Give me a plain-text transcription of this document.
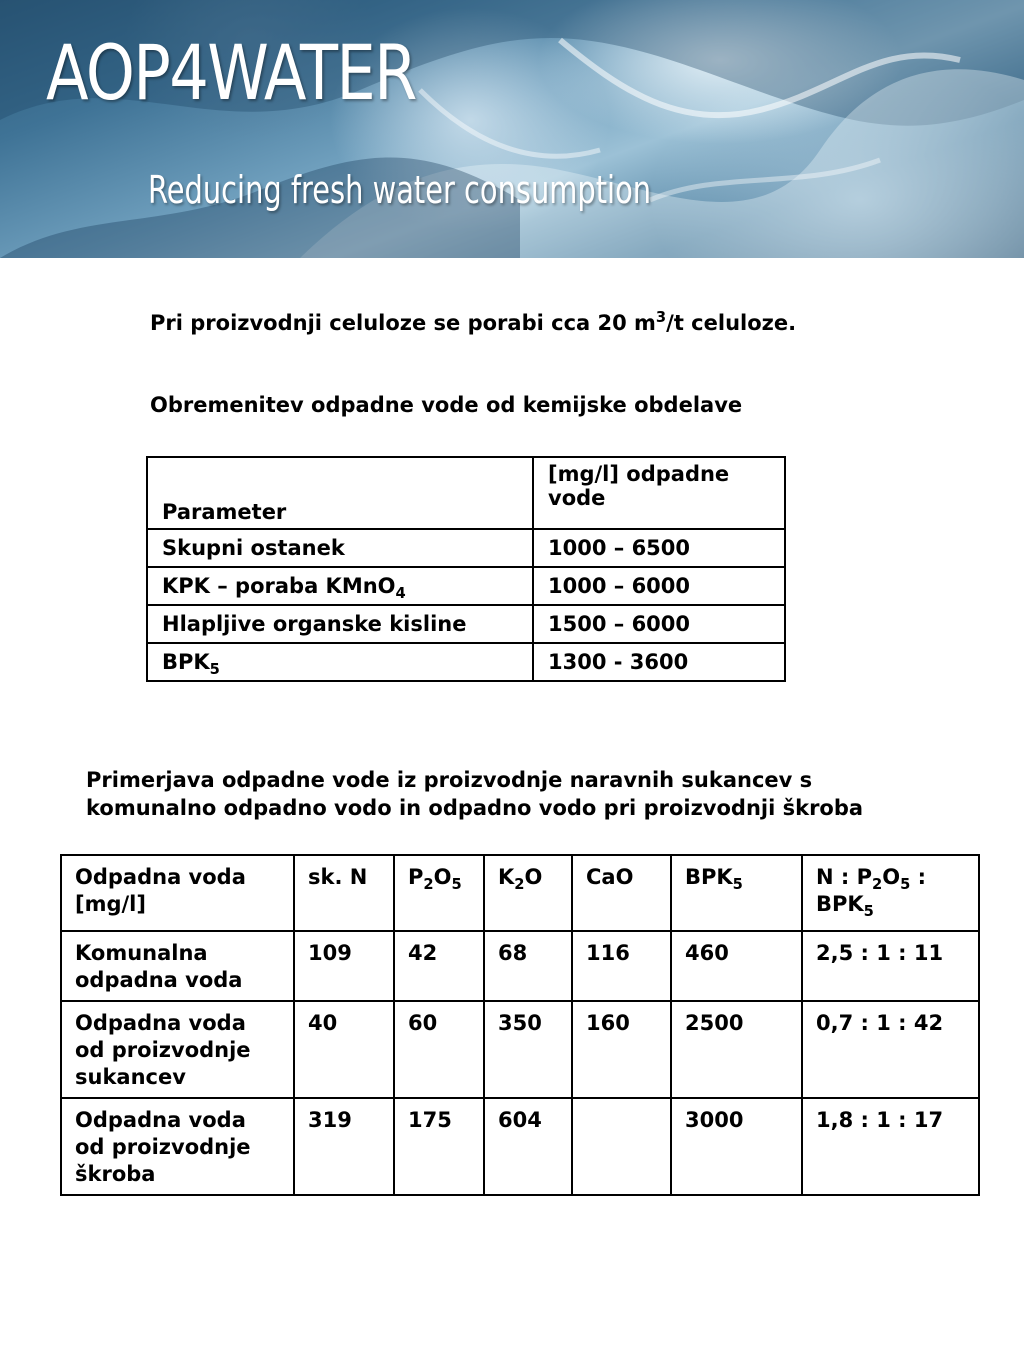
AOP4WATER
Reducing fresh water consumption
Pri proizvodnji celuloze se porabi cca 20 $m^3/t$ celuloze.
Obremenitev odpadne vode od kemijske obdelave
Parameter	[mg/l] odpadne vode
Skupni ostanek	1000 – 6500
KPK – poraba KMnO$_4$	1000 – 6000
Hlapljive organske kisline	1500 – 6000
$BPK_5$	1300 - 3600
Primerjava odpadne vode iz proizvodnje naravnih sukancev s komunalno odpadno vodo in odpadno vodo pri proizvodnji škroba
Odpadna voda [mg/l]	sk. N	$P_2O_5$	$K_2O$	CaO	$BPK_5$	N : $P_2O_5$ : $BPK_5$
Komunalna odpadna voda	109	42	68	116	460	2,5 : 1 : 11
Odpadna voda od proizvodnje sukancev	40	60	350	160	2500	0,7 : 1 : 42
Odpadna voda od proizvodnje škroba	319	175	604		3000	1,8 : 1 : 17
